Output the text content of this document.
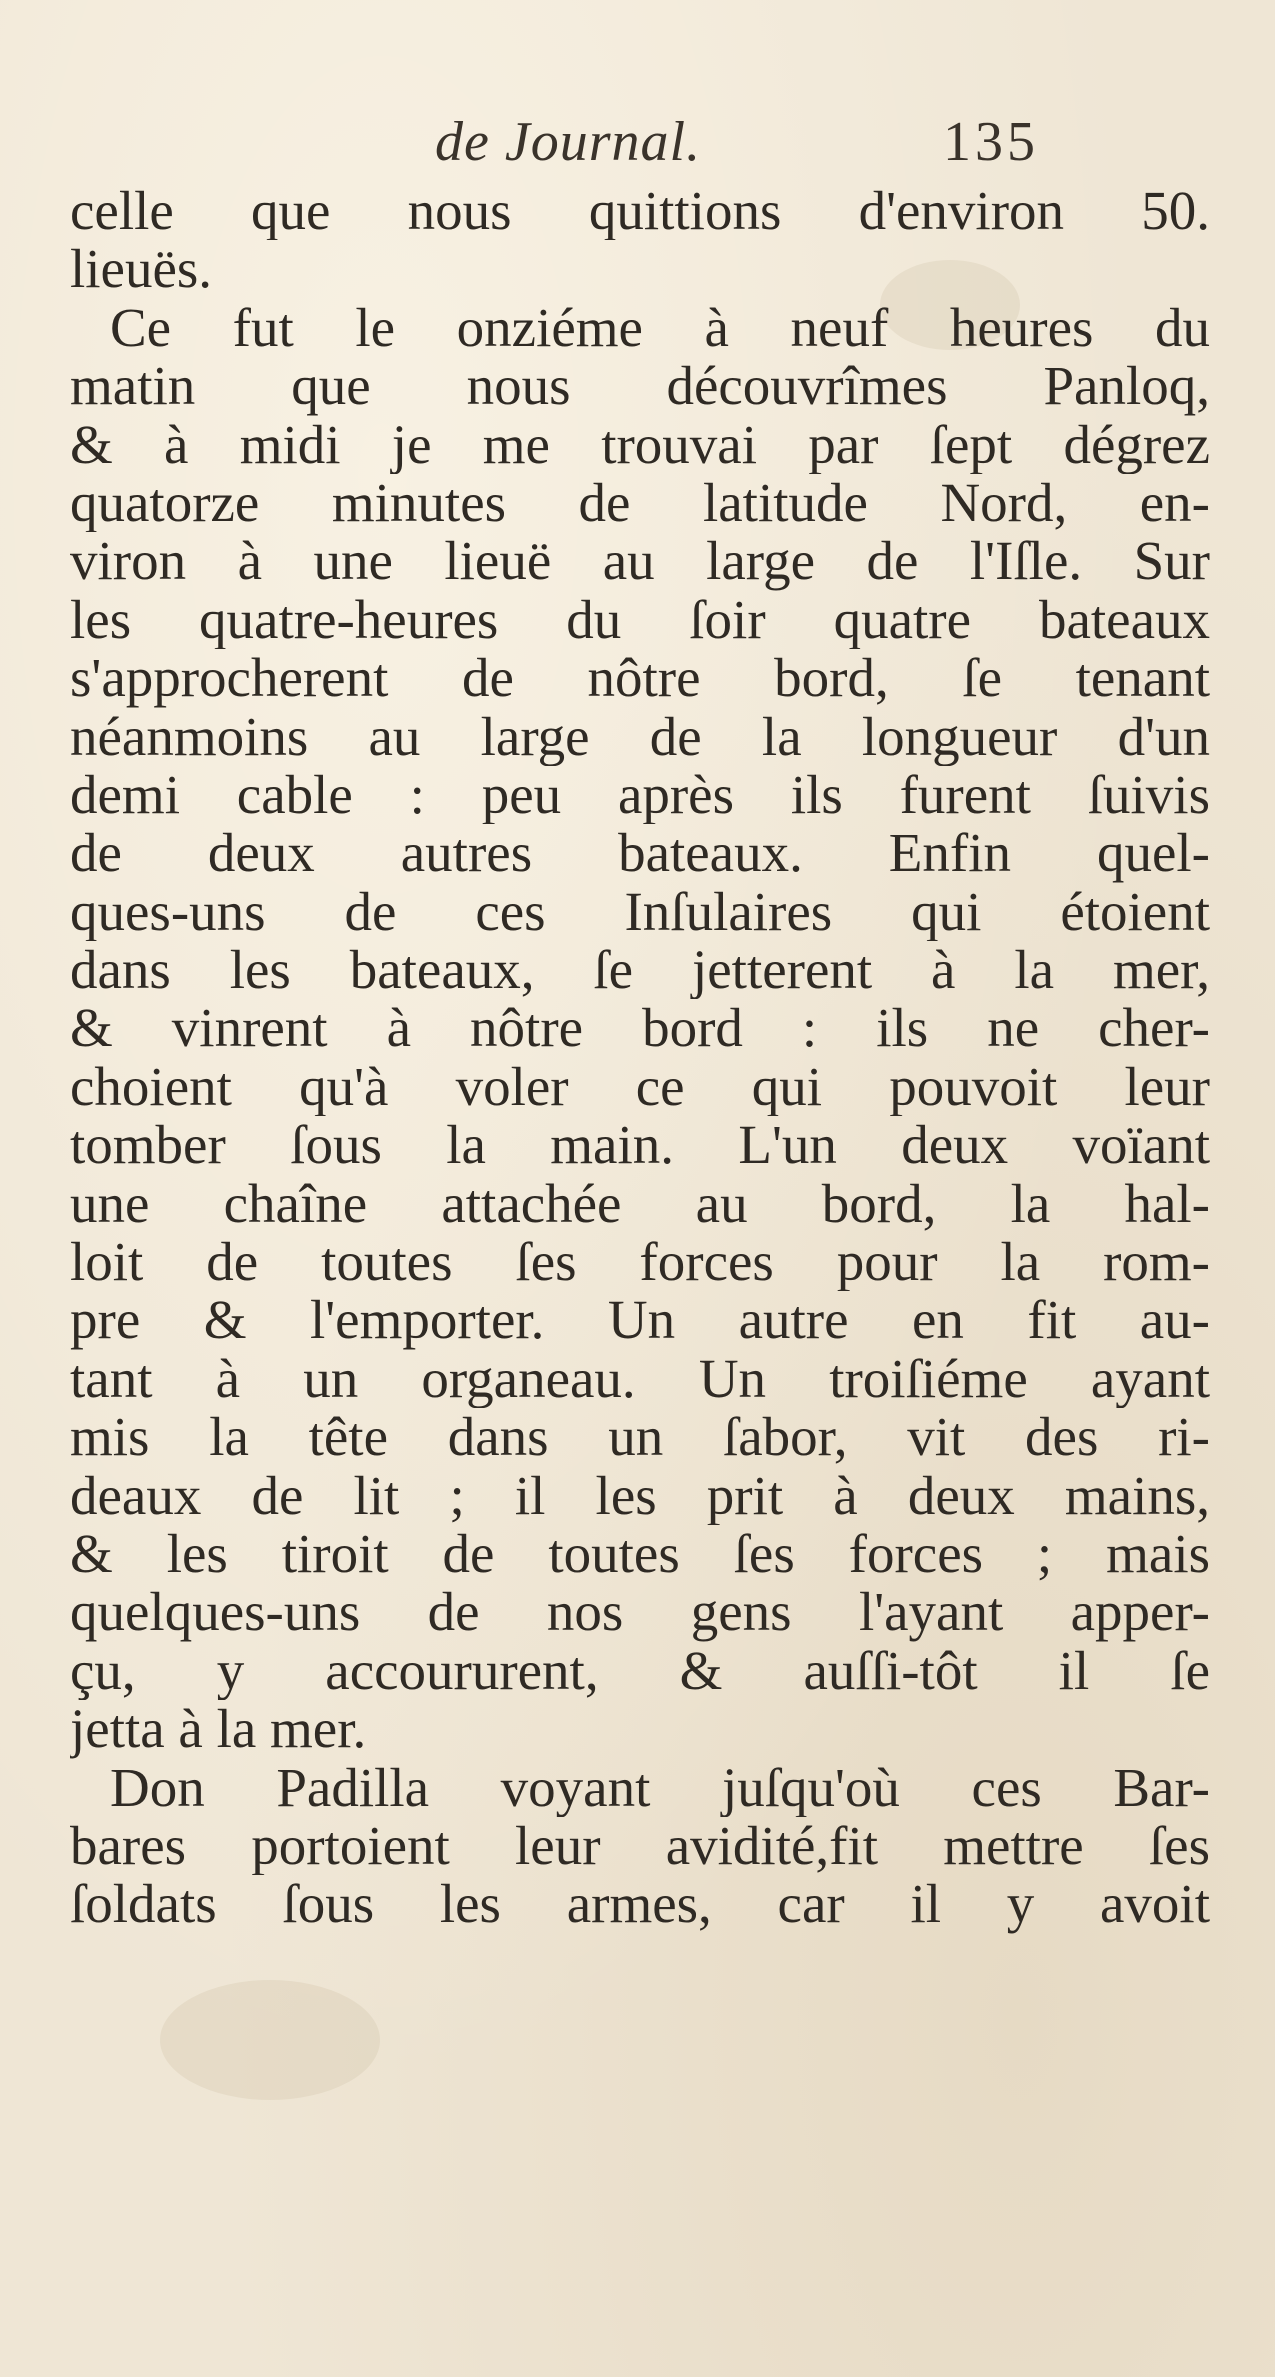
de Journal.	135
celle que nous quittions d'environ 50.
lieuës.
Ce fut le onziéme à neuf heures du
matin que nous découvrîmes Panloq,
& à midi je me trouvai par ſept dégrez
quatorze minutes de latitude Nord, en-
viron à une lieuë au large de l'Iſle. Sur
les quatre-heures du ſoir quatre bateaux
s'approcherent de nôtre bord, ſe tenant
néanmoins au large de la longueur d'un
demi cable : peu après ils furent ſuivis
de deux autres bateaux. Enfin quel-
ques-uns de ces Inſulaires qui étoient
dans les bateaux, ſe jetterent à la mer,
& vinrent à nôtre bord : ils ne cher-
choient qu'à voler ce qui pouvoit leur
tomber ſous la main. L'un deux voïant
une chaîne attachée au bord, la hal-
loit de toutes ſes forces pour la rom-
pre & l'emporter. Un autre en fit au-
tant à un organeau. Un troiſiéme ayant
mis la tête dans un ſabor, vit des ri-
deaux de lit ; il les prit à deux mains,
& les tiroit de toutes ſes forces ; mais
quelques-uns de nos gens l'ayant apper-
çu, y accoururent, & auſſi-tôt il ſe
jetta à la mer.
Don Padilla voyant juſqu'où ces Bar-
bares portoient leur avidité,fit mettre ſes
ſoldats ſous les armes, car il y avoit
